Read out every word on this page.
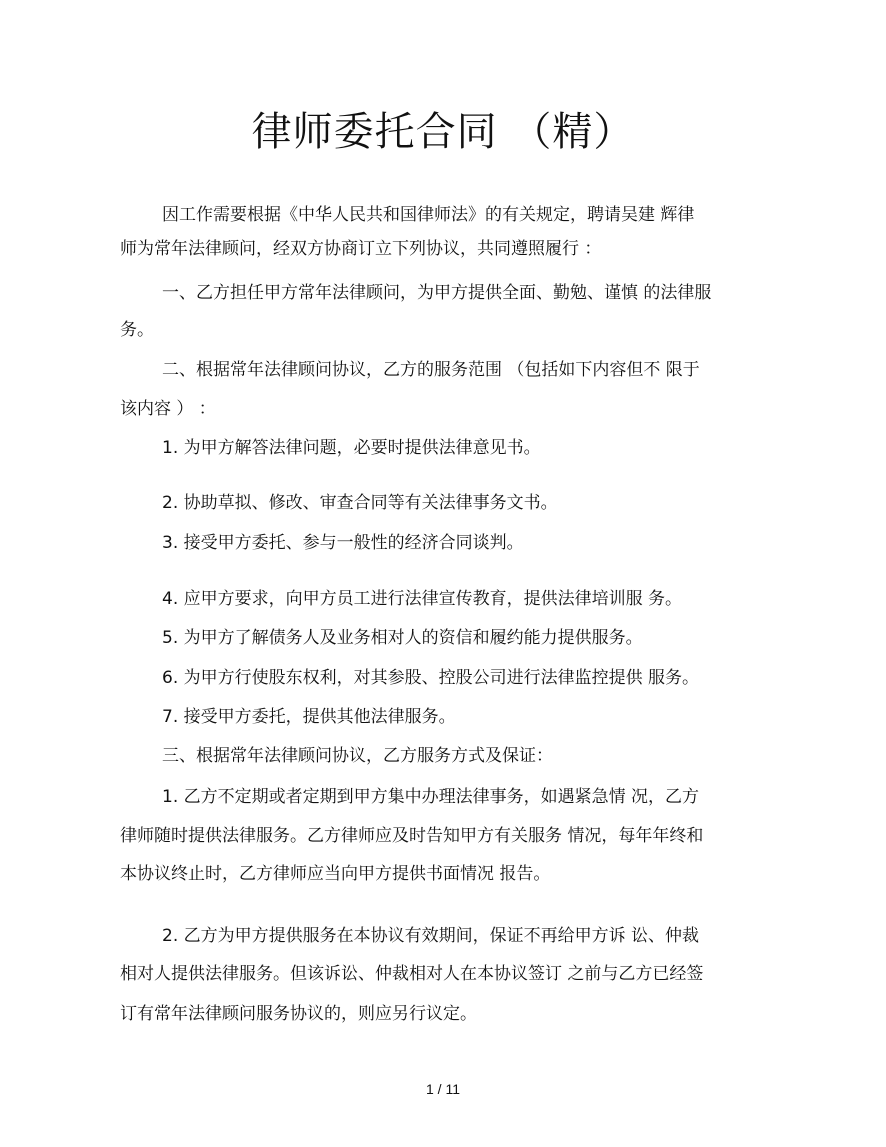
律师委托合同 （精）
因工作需要根据《中华人民共和国律师法》的有关规定，聘请吴建 辉律
师为常年法律顾问，经双方协商订立下列协议，共同遵照履行 ：
一、乙方担任甲方常年法律顾问，为甲方提供全面、勤勉、谨慎 的法律服
务。
二、根据常年法律顾问协议，乙方的服务范围 （包括如下内容但不 限于
该内容 ） ：
1. 为甲方解答法律问题，必要时提供法律意见书。
2. 协助草拟、修改、审查合同等有关法律事务文书。
3. 接受甲方委托、参与一般性的经济合同谈判。
4. 应甲方要求，向甲方员工进行法律宣传教育，提供法律培训服 务。
5. 为甲方了解债务人及业务相对人的资信和履约能力提供服务。
6. 为甲方行使股东权利，对其参股、控股公司进行法律监控提供 服务。
7. 接受甲方委托，提供其他法律服务。
三、根据常年法律顾问协议，乙方服务方式及保证：
1. 乙方不定期或者定期到甲方集中办理法律事务，如遇紧急情 况，乙方
律师随时提供法律服务。乙方律师应及时告知甲方有关服务 情况，每年年终和
本协议终止时，乙方律师应当向甲方提供书面情况 报告。
2. 乙方为甲方提供服务在本协议有效期间，保证不再给甲方诉 讼、仲裁
相对人提供法律服务。但该诉讼、仲裁相对人在本协议签订 之前与乙方已经签
订有常年法律顾问服务协议的，则应另行议定。
1 / 11
